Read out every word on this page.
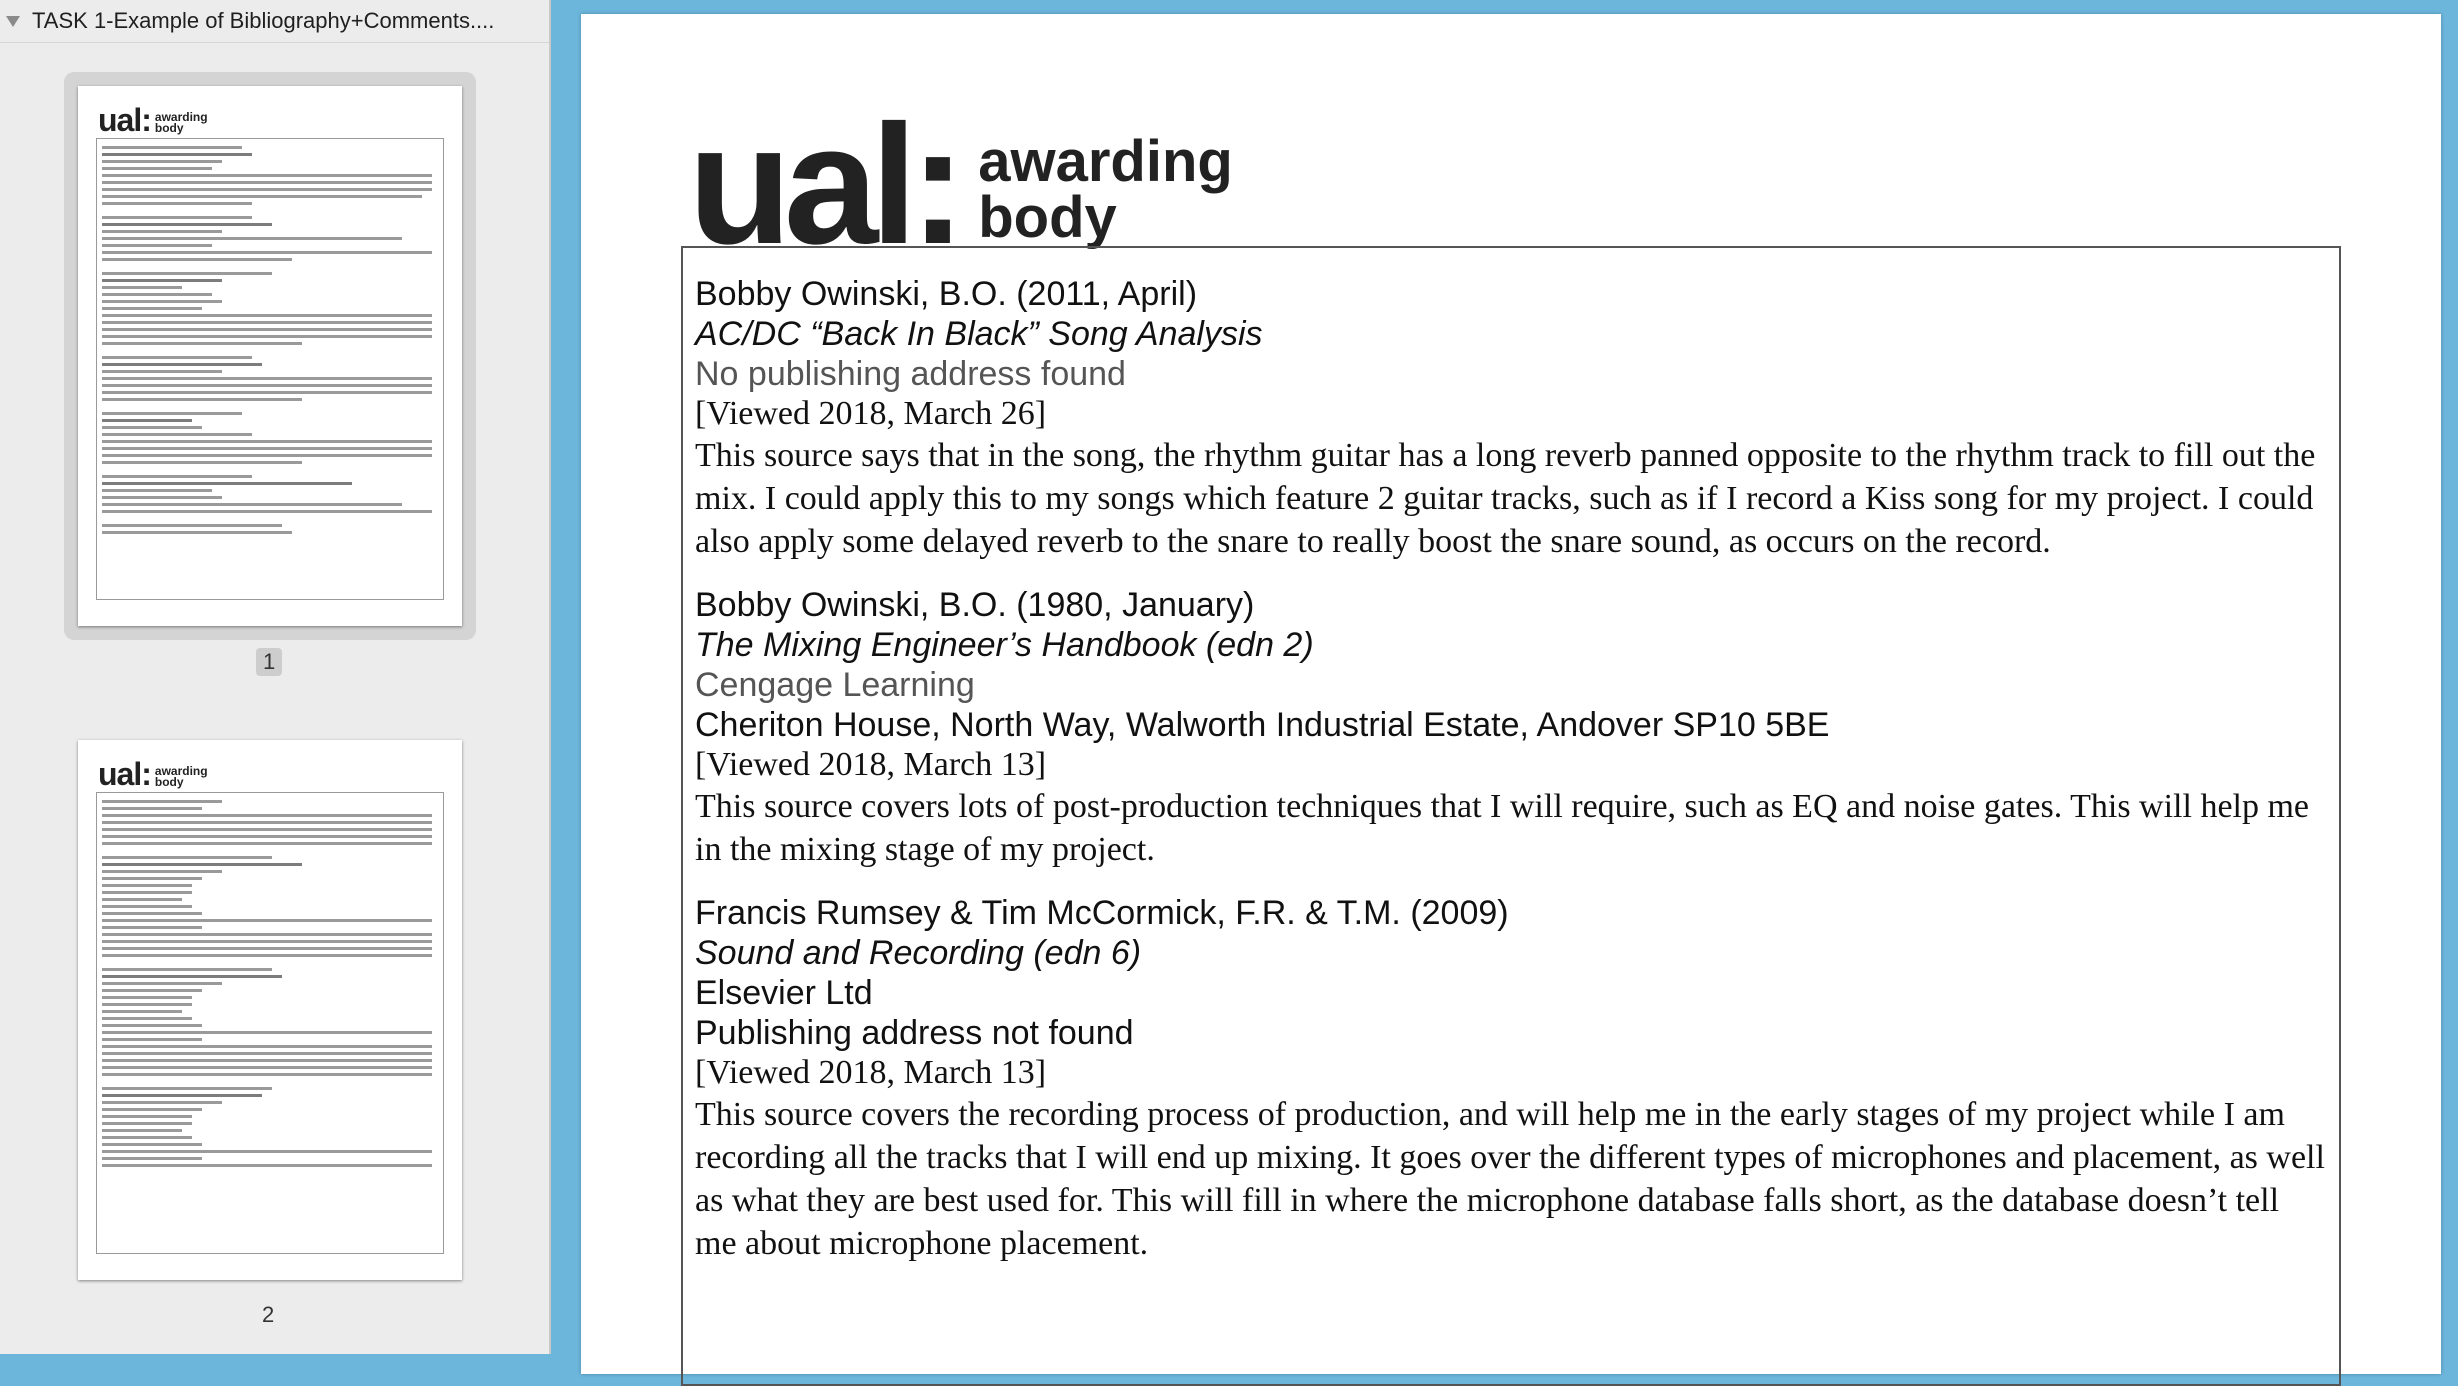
TASK 1-Example of Bibliography+Comments....
ual: awarding
body
1
ual: awarding
body
2
ual: awarding
body
Bobby Owinski, B.O. (2011, April)
AC/DC “Back In Black” Song Analysis
No publishing address found
[Viewed 2018, March 26]
This source says that in the song, the rhythm guitar has a long reverb panned opposite to the rhythm track to fill out the mix. I could apply this to my songs which feature 2 guitar tracks, such as if I record a Kiss song for my project. I could also apply some delayed reverb to the snare to really boost the snare sound, as occurs on the record.
Bobby Owinski, B.O. (1980, January)
The Mixing Engineer’s Handbook (edn 2)
Cengage Learning
Cheriton House, North Way, Walworth Industrial Estate, Andover SP10 5BE
[Viewed 2018, March 13]
This source covers lots of post-production techniques that I will require, such as EQ and noise gates. This will help me in the mixing stage of my project.
Francis Rumsey & Tim McCormick, F.R. & T.M. (2009)
Sound and Recording (edn 6)
Elsevier Ltd
Publishing address not found
[Viewed 2018, March 13]
This source covers the recording process of production, and will help me in the early stages of my project while I am recording all the tracks that I will end up mixing. It goes over the different types of microphones and placement, as well as what they are best used for. This will fill in where the microphone database falls short, as the database doesn’t tell me about microphone placement.
